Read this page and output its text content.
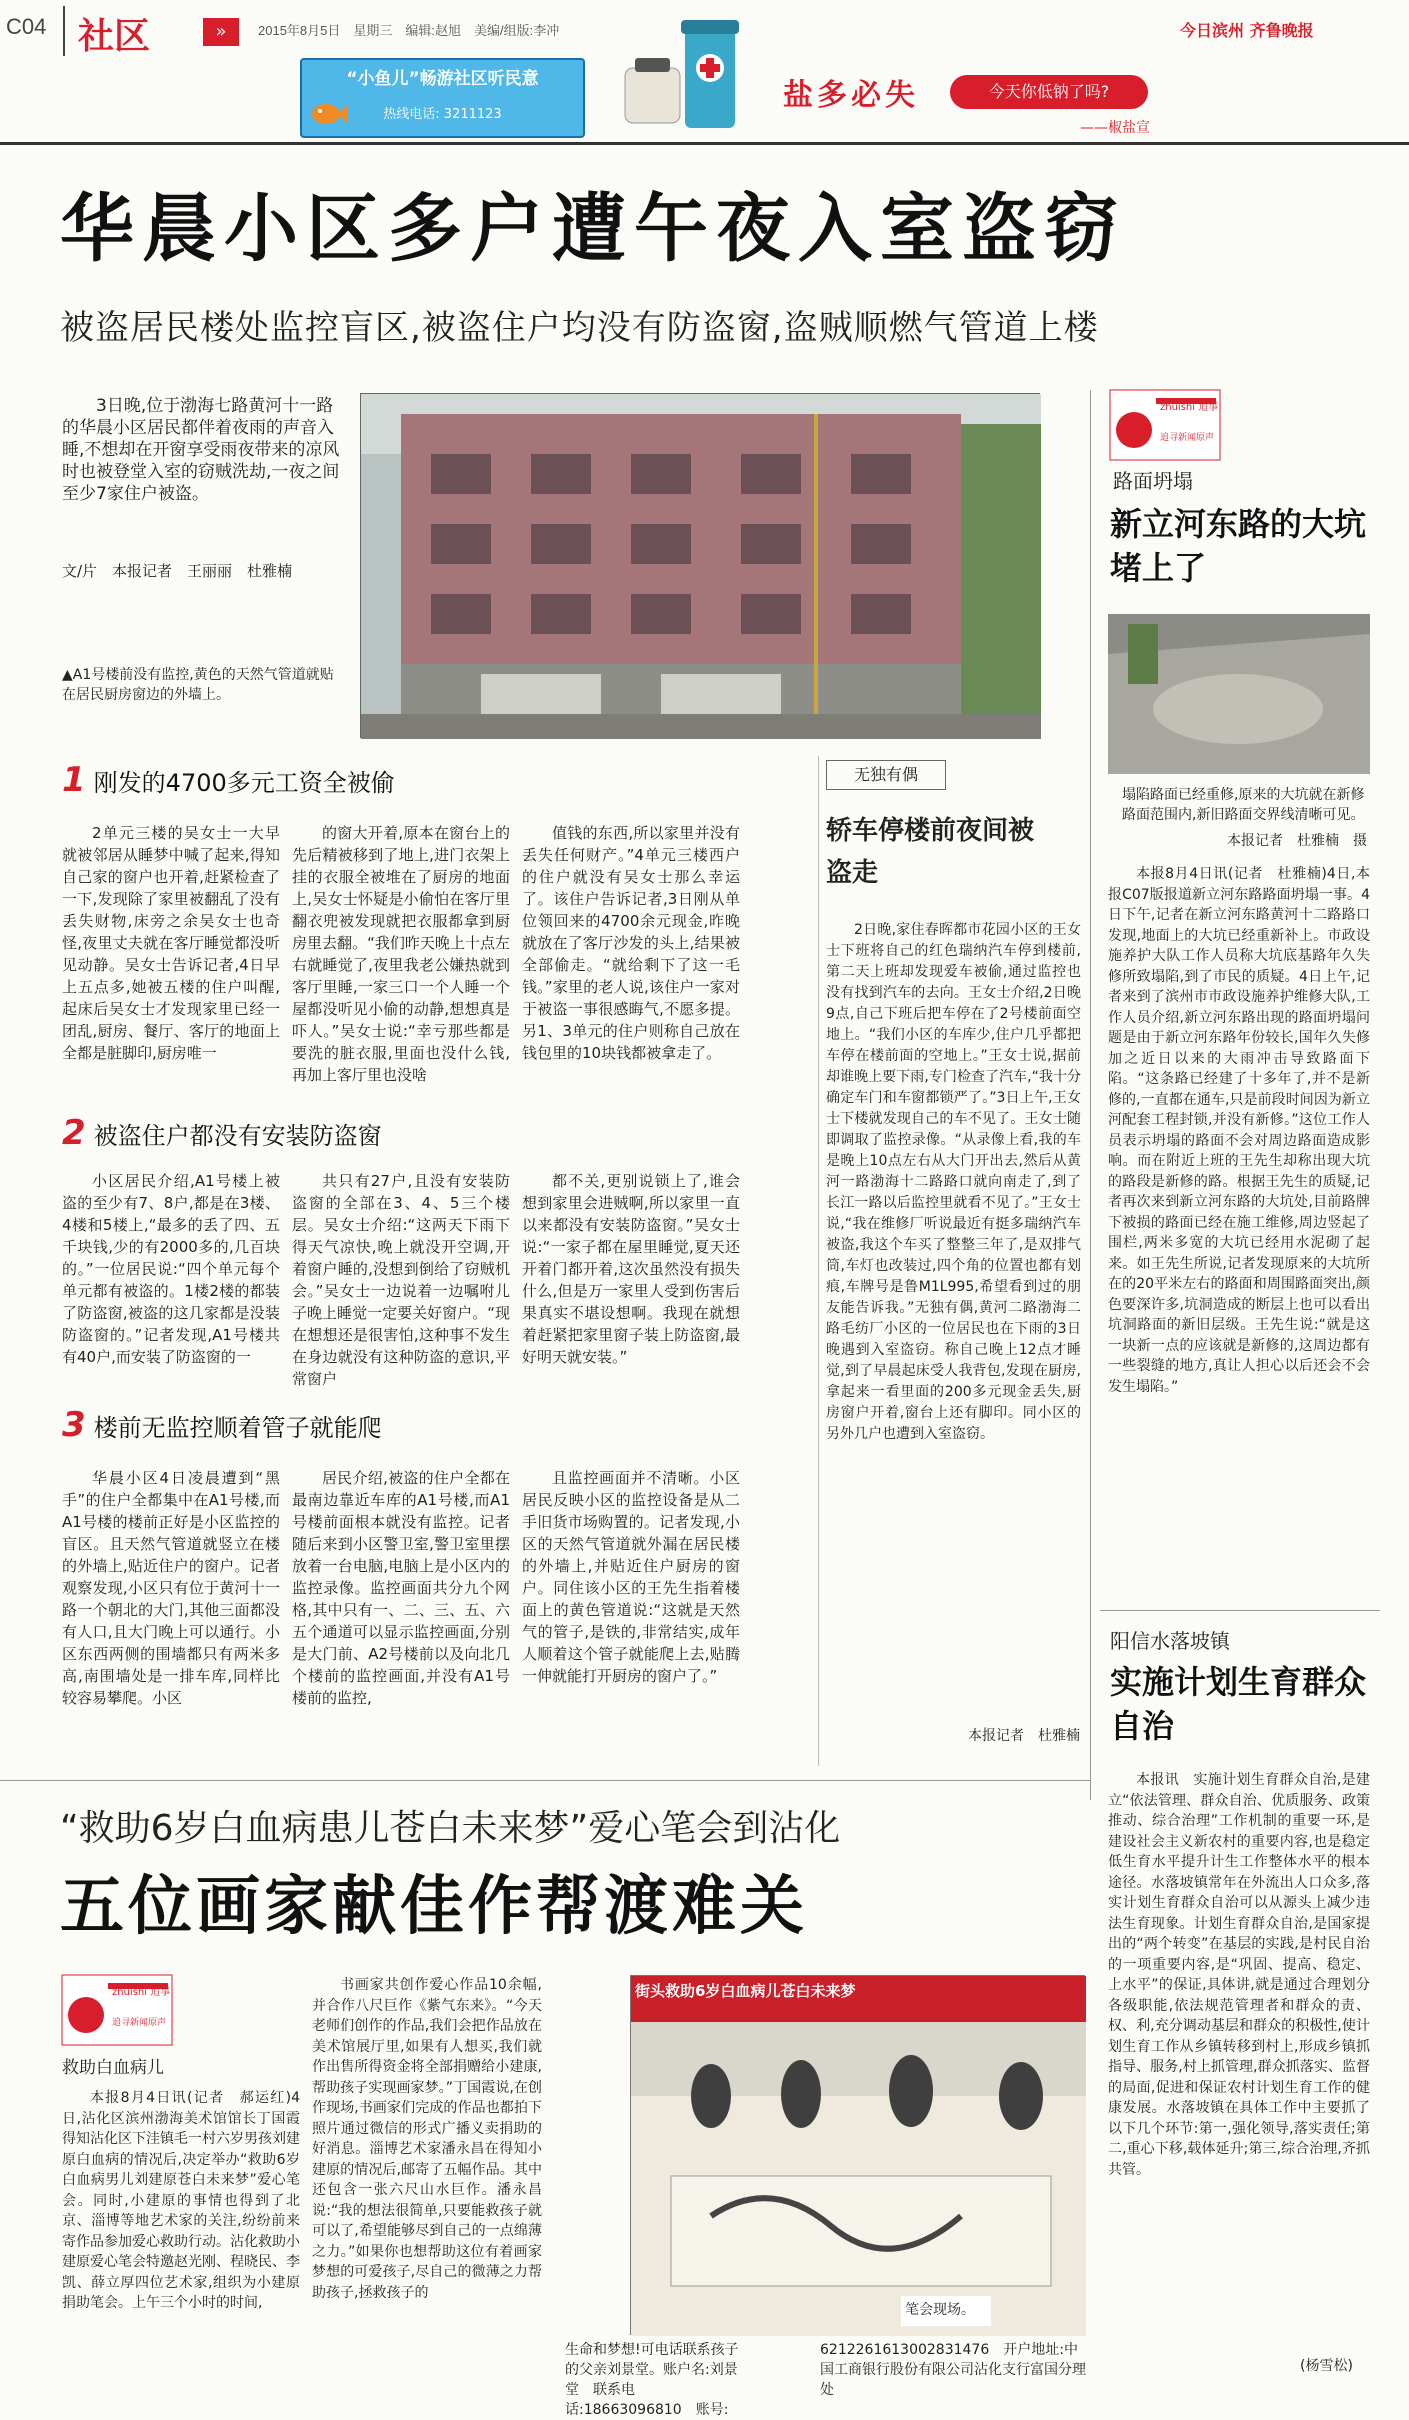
C04 社区	»	2015年8月5日　星期三　编辑:赵旭　美编/组版:李冲
“小鱼儿”畅游社区听民意
热线电话: 3211123
盐多必失	今天你低钠了吗?
——椒盐宣
今日滨州 齐鲁晚报
华晨小区多户遭午夜入室盗窃
被盗居民楼处监控盲区,被盗住户均没有防盗窗,盗贼顺燃气管道上楼
3日晚,位于渤海七路黄河十一路的华晨小区居民都伴着夜雨的声音入睡,不想却在开窗享受雨夜带来的凉风时也被登堂入室的窃贼洗劫,一夜之间至少7家住户被盗。
文/片　本报记者　王丽丽　杜雅楠
▲A1号楼前没有监控,黄色的天然气管道就贴在居民厨房窗边的外墙上。
1 刚发的4700多元工资全被偷
2单元三楼的吴女士一大早就被邻居从睡梦中喊了起来,得知自己家的窗户也开着,赶紧检查了一下,发现除了家里被翻乱了没有丢失财物,床旁之余吴女士也奇怪,夜里丈夫就在客厅睡觉都没听见动静。吴女士告诉记者,4日早上五点多,她被五楼的住户叫醒,起床后吴女士才发现家里已经一团乱,厨房、餐厅、客厅的地面上全都是脏脚印,厨房唯一
的窗大开着,原本在窗台上的先后精被移到了地上,进门衣架上挂的衣服全被堆在了厨房的地面上,吴女士怀疑是小偷怕在客厅里翻衣兜被发现就把衣服都拿到厨房里去翻。“我们昨天晚上十点左右就睡觉了,夜里我老公嫌热就到客厅里睡,一家三口一个人睡一个屋都没听见小偷的动静,想想真是吓人。”吴女士说:“幸亏那些都是要洗的脏衣服,里面也没什么钱,再加上客厅里也没啥
值钱的东西,所以家里并没有丢失任何财产。”4单元三楼西户的住户就没有吴女士那么幸运了。该住户告诉记者,3日刚从单位领回来的4700余元现金,昨晚就放在了客厅沙发的头上,结果被全部偷走。“就给剩下了这一毛钱。”家里的老人说,该住户一家对于被盗一事很感晦气,不愿多提。另1、3单元的住户则称自己放在钱包里的10块钱都被拿走了。
2 被盗住户都没有安装防盗窗
小区居民介绍,A1号楼上被盗的至少有7、8户,都是在3楼、4楼和5楼上,“最多的丢了四、五千块钱,少的有2000多的,几百块的。”一位居民说:“四个单元每个单元都有被盗的。1楼2楼的都装了防盗窗,被盗的这几家都是没装防盗窗的。”记者发现,A1号楼共有40户,而安装了防盗窗的一
共只有27户,且没有安装防盗窗的全部在3、4、5三个楼层。吴女士介绍:“这两天下雨下得天气凉快,晚上就没开空调,开着窗户睡的,没想到倒给了窃贼机会。”吴女士一边说着一边嘱咐儿子晚上睡觉一定要关好窗户。“现在想想还是很害怕,这种事不发生在身边就没有这种防盗的意识,平常窗户
都不关,更别说锁上了,谁会想到家里会进贼啊,所以家里一直以来都没有安装防盗窗。”吴女士说:“一家子都在屋里睡觉,夏天还开着门都开着,这次虽然没有损失什么,但是万一家里人受到伤害后果真实不堪设想啊。我现在就想着赶紧把家里窗子装上防盗窗,最好明天就安装。”
3 楼前无监控顺着管子就能爬
华晨小区4日凌晨遭到“黑手”的住户全都集中在A1号楼,而A1号楼的楼前正好是小区监控的盲区。且天然气管道就竖立在楼的外墙上,贴近住户的窗户。记者观察发现,小区只有位于黄河十一路一个朝北的大门,其他三面都没有人口,且大门晚上可以通行。小区东西两侧的围墙都只有两米多高,南围墙处是一排车库,同样比较容易攀爬。小区
居民介绍,被盗的住户全都在最南边靠近车库的A1号楼,而A1号楼前面根本就没有监控。记者随后来到小区警卫室,警卫室里摆放着一台电脑,电脑上是小区内的监控录像。监控画面共分九个网格,其中只有一、二、三、五、六五个通道可以显示监控画面,分别是大门前、A2号楼前以及向北几个楼前的监控画面,并没有A1号楼前的监控,
且监控画面并不清晰。小区居民反映小区的监控设备是从二手旧货市场购置的。记者发现,小区的天然气管道就外漏在居民楼的外墙上,并贴近住户厨房的窗户。同住该小区的王先生指着楼面上的黄色管道说:“这就是天然气的管子,是铁的,非常结实,成年人顺着这个管子就能爬上去,贴腾一伸就能打开厨房的窗户了。”
无独有偶
轿车停楼前夜间被盗走
2日晚,家住春晖都市花园小区的王女士下班将自己的红色瑞纳汽车停到楼前,第二天上班却发现爱车被偷,通过监控也没有找到汽车的去向。王女士介绍,2日晚9点,自己下班后把车停在了2号楼前面空地上。“我们小区的车库少,住户几乎都把车停在楼前面的空地上。”王女士说,据前却谁晚上要下雨,专门检查了汽车,“我十分确定车门和车窗都锁严了。”3日上午,王女士下楼就发现自己的车不见了。王女士随即调取了监控录像。“从录像上看,我的车是晚上10点左右从大门开出去,然后从黄河一路渤海十二路路口就向南走了,到了长江一路以后监控里就看不见了。”王女士说,“我在维修厂听说最近有挺多瑞纳汽车被盗,我这个车买了整整三年了,是双排气筒,车灯也改装过,四个角的位置也都有划痕,车牌号是鲁M1L995,希望看到过的朋友能告诉我。”无独有偶,黄河二路渤海二路毛纺厂小区的一位居民也在下雨的3日晚遇到入室盗窃。称自己晚上12点才睡觉,到了早晨起床受人我背包,发现在厨房,拿起来一看里面的200多元现金丢失,厨房窗户开着,窗台上还有脚印。同小区的另外几户也遭到入室盗窃。
本报记者　杜雅楠
追寻新闻原声
zhuishi 追事
路面坍塌
新立河东路的大坑堵上了
塌陷路面已经重修,原来的大坑就在新修路面范围内,新旧路面交界线清晰可见。
本报记者　杜雅楠　摄
本报8月4日讯(记者　杜雅楠)4日,本报C07版报道新立河东路路面坍塌一事。4日下午,记者在新立河东路黄河十二路路口发现,地面上的大坑已经重新补上。市政设施养护大队工作人员称大坑底基路年久失修所致塌陷,到了市民的质疑。4日上午,记者来到了滨州市市政设施养护维修大队,工作人员介绍,新立河东路出现的路面坍塌问题是由于新立河东路年份较长,国年久失修加之近日以来的大雨冲击导致路面下陷。“这条路已经建了十多年了,并不是新修的,一直都在通车,只是前段时间因为新立河配套工程封锁,并没有新修。”这位工作人员表示坍塌的路面不会对周边路面造成影响。而在附近上班的王先生却称出现大坑的路段是新修的路。根据王先生的质疑,记者再次来到新立河东路的大坑处,目前路牌下被损的路面已经在施工维修,周边竖起了围栏,两米多宽的大坑已经用水泥砌了起来。如王先生所说,记者发现原来的大坑所在的20平米左右的路面和周围路面突出,颜色要深许多,坑洞造成的断层上也可以看出坑洞路面的新旧层级。王先生说:“就是这一块新一点的应该就是新修的,这周边都有一些裂缝的地方,真让人担心以后还会不会发生塌陷。”
阳信水落坡镇
实施计划生育群众自治
本报讯　实施计划生育群众自治,是建立“依法管理、群众自治、优质服务、政策推动、综合治理”工作机制的重要一环,是建设社会主义新农村的重要内容,也是稳定低生育水平提升计生工作整体水平的根本途径。水落坡镇常年在外流出人口众多,落实计划生育群众自治可以从源头上减少违法生育现象。计划生育群众自治,是国家提出的“两个转变”在基层的实践,是村民自治的一项重要内容,是“巩固、提高、稳定、上水平”的保证,具体讲,就是通过合理划分各级职能,依法规范管理者和群众的责、权、利,充分调动基层和群众的积极性,使计划生育工作从乡镇转移到村上,形成乡镇抓指导、服务,村上抓管理,群众抓落实、监督的局面,促进和保证农村计划生育工作的健康发展。水落坡镇在具体工作中主要抓了以下几个环节:第一,强化领导,落实责任;第二,重心下移,载体延升;第三,综合治理,齐抓共管。
(杨雪松)
“救助6岁白血病患儿苍白未来梦”爱心笔会到沾化
五位画家献佳作帮渡难关
zhuishi 追事
追寻新闻原声
救助白血病儿
本报8月4日讯(记者　郝运红)4日,沾化区滨州渤海美术馆馆长丁国霞得知沾化区下洼镇毛一村六岁男孩刘建原白血病的情况后,决定举办“救助6岁白血病男儿刘建原苍白未来梦”爱心笔会。同时,小建原的事情也得到了北京、淄博等地艺术家的关注,纷纷前来寄作品参加爱心救助行动。沾化救助小建原爱心笔会特邀赵光刚、程晓民、李凯、薛立厚四位艺术家,组织为小建原捐助笔会。上午三个小时的时间,
书画家共创作爱心作品10余幅,并合作八尺巨作《紫气东来》。“今天老师们创作的作品,我们会把作品放在美术馆展厅里,如果有人想买,我们就作出售所得资金将全部捐赠给小建康,帮助孩子实现画家梦。”丁国霞说,在创作现场,书画家们完成的作品也都拍下照片通过微信的形式广播义卖捐助的好消息。淄博艺术家潘永昌在得知小建原的情况后,邮寄了五幅作品。其中还包含一张六尺山水巨作。潘永昌说:“我的想法很简单,只要能救孩子就可以了,希望能够尽到自己的一点绵薄之力。”如果你也想帮助这位有着画家梦想的可爱孩子,尽自己的微薄之力帮助孩子,拯救孩子的
生命和梦想!可电话联系孩子的父亲刘景堂。账户名:刘景堂　联系电话:18663096810　账号:
6212261613002831476　开户地址:中国工商银行股份有限公司沾化支行富国分理处
街头救助6岁白血病儿苍白未来梦
笔会现场。
